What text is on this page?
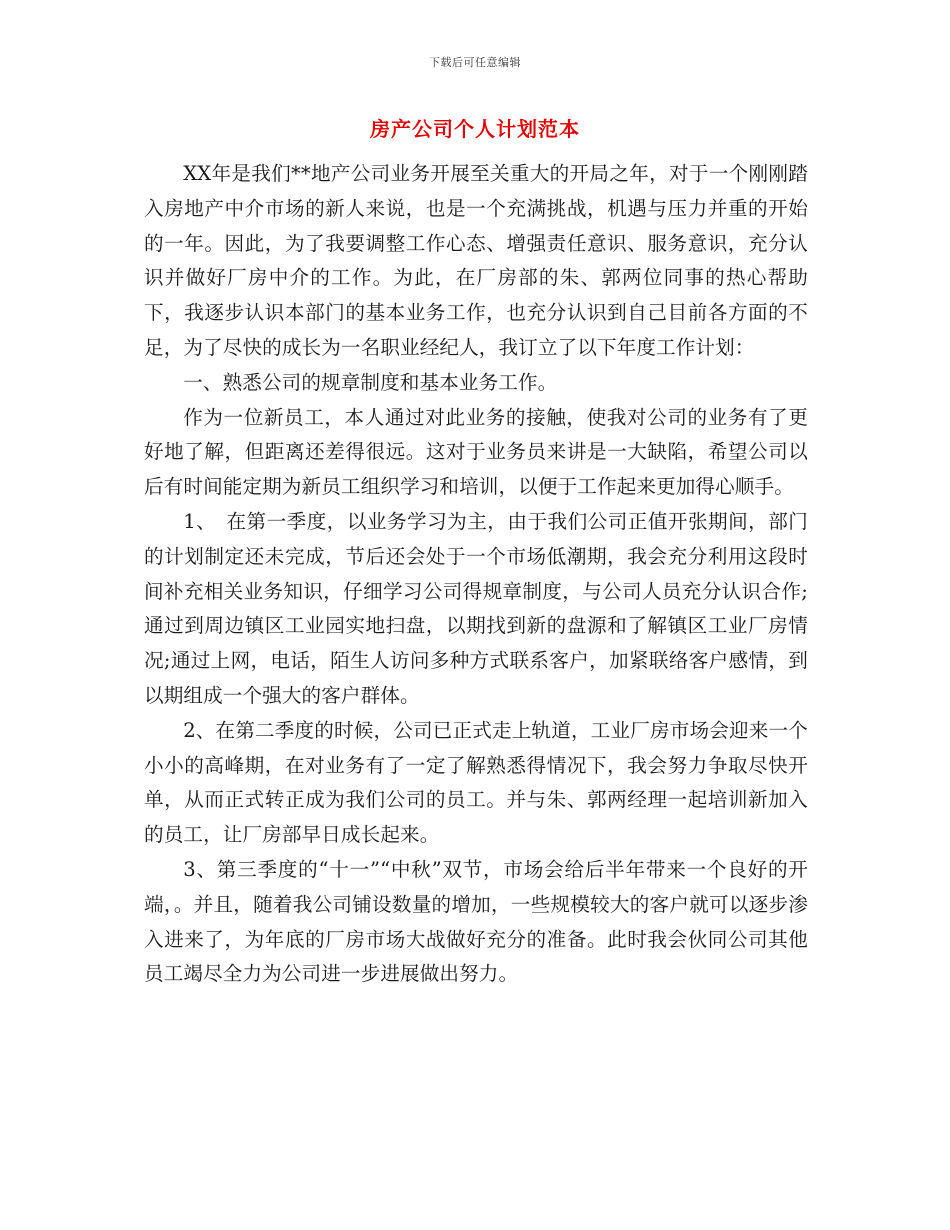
下载后可任意编辑
房产公司个人计划范本

XX年是我们**地产公司业务开展至关重大的开局之年，对于一个刚刚踏入房地产中介市场的新人来说，也是一个充满挑战，机遇与压力并重的开始的一年。因此，为了我要调整工作心态、增强责任意识、服务意识，充分认识并做好厂房中介的工作。为此，在厂房部的朱、郭两位同事的热心帮助下，我逐步认识本部门的基本业务工作，也充分认识到自己目前各方面的不足，为了尽快的成长为一名职业经纪人，我订立了以下年度工作计划：

一、熟悉公司的规章制度和基本业务工作。

作为一位新员工，本人通过对此业务的接触，使我对公司的业务有了更好地了解，但距离还差得很远。这对于业务员来讲是一大缺陷，希望公司以后有时间能定期为新员工组织学习和培训，以便于工作起来更加得心顺手。

1、　在第一季度，以业务学习为主，由于我们公司正值开张期间，部门的计划制定还未完成，节后还会处于一个市场低潮期，我会充分利用这段时间补充相关业务知识，仔细学习公司得规章制度，与公司人员充分认识合作;通过到周边镇区工业园实地扫盘，以期找到新的盘源和了解镇区工业厂房情况;通过上网，电话，陌生人访问多种方式联系客户，加紧联络客户感情，到以期组成一个强大的客户群体。

2、在第二季度的时候，公司已正式走上轨道，工业厂房市场会迎来一个小小的高峰期，在对业务有了一定了解熟悉得情况下，我会努力争取尽快开单，从而正式转正成为我们公司的员工。并与朱、郭两经理一起培训新加入的员工，让厂房部早日成长起来。

3、第三季度的“十一”“中秋”双节，市场会给后半年带来一个良好的开端，。并且，随着我公司铺设数量的增加，一些规模较大的客户就可以逐步渗入进来了，为年底的厂房市场大战做好充分的准备。此时我会伙同公司其他员工竭尽全力为公司进一步进展做出努力。
